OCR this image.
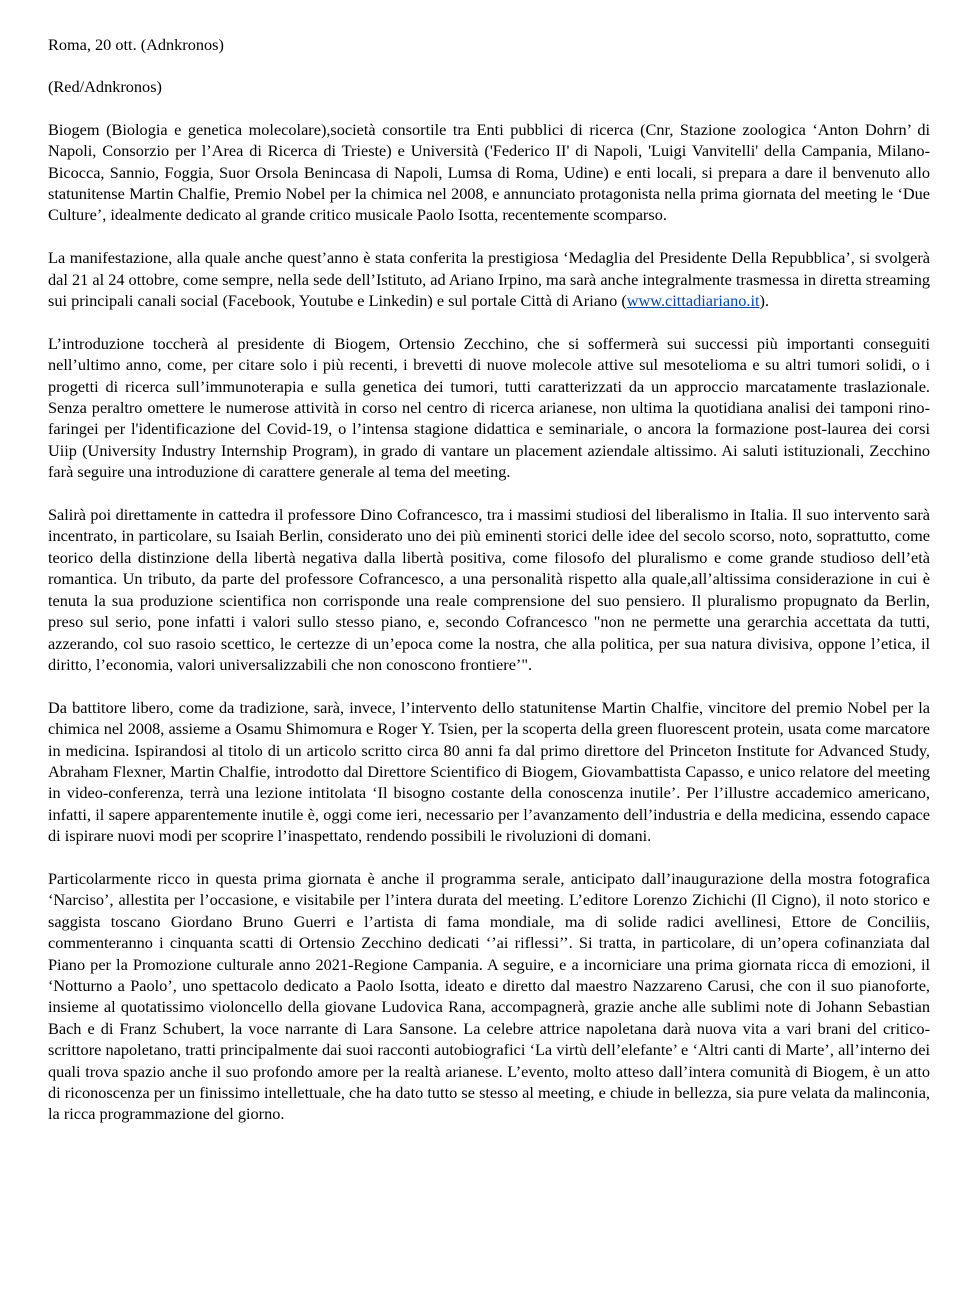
Roma, 20 ott. (Adnkronos)

(Red/Adnkronos)

Biogem (Biologia e genetica molecolare),società consortile tra Enti pubblici di ricerca (Cnr, Stazione zoologica ‘Anton Dohrn’ di Napoli, Consorzio per l’Area di Ricerca di Trieste) e Università ('Federico II' di Napoli, 'Luigi Vanvitelli' della Campania, Milano-Bicocca, Sannio, Foggia, Suor Orsola Benincasa di Napoli, Lumsa di Roma, Udine) e enti locali, si prepara a dare il benvenuto allo statunitense Martin Chalfie, Premio Nobel per la chimica nel 2008, e annunciato protagonista nella prima giornata del meeting le ‘Due Culture’, idealmente dedicato al grande critico musicale Paolo Isotta, recentemente scomparso.

La manifestazione, alla quale anche quest’anno è stata conferita la prestigiosa ‘Medaglia del Presidente Della Repubblica’, si svolgerà dal 21 al 24 ottobre, come sempre, nella sede dell’Istituto, ad Ariano Irpino, ma sarà anche integralmente trasmessa in diretta streaming sui principali canali social (Facebook, Youtube e Linkedin) e sul portale Città di Ariano (www.cittadiariano.it).

L’introduzione toccherà al presidente di Biogem, Ortensio Zecchino, che si soffermerà sui successi più importanti conseguiti nell’ultimo anno, come, per citare solo i più recenti, i brevetti di nuove molecole attive sul mesotelioma e su altri tumori solidi, o i progetti di ricerca sull’immunoterapia e sulla genetica dei tumori, tutti caratterizzati da un approccio marcatamente traslazionale. Senza peraltro omettere le numerose attività in corso nel centro di ricerca arianese, non ultima la quotidiana analisi dei tamponi rino-faringei per l'identificazione del Covid-19, o l’intensa stagione didattica e seminariale, o ancora la formazione post-laurea dei corsi Uiip (University Industry Internship Program), in grado di vantare un placement aziendale altissimo. Ai saluti istituzionali, Zecchino farà seguire una introduzione di carattere generale al tema del meeting.

Salirà poi direttamente in cattedra il professore Dino Cofrancesco, tra i massimi studiosi del liberalismo in Italia. Il suo intervento sarà incentrato, in particolare, su Isaiah Berlin, considerato uno dei più eminenti storici delle idee del secolo scorso, noto, soprattutto, come teorico della distinzione della libertà negativa dalla libertà positiva, come filosofo del pluralismo e come grande studioso dell’età romantica. Un tributo, da parte del professore Cofrancesco, a una personalità rispetto alla quale,all’altissima considerazione in cui è tenuta la sua produzione scientifica non corrisponde una reale comprensione del suo pensiero. Il pluralismo propugnato da Berlin, preso sul serio, pone infatti i valori sullo stesso piano, e, secondo Cofrancesco "non ne permette una gerarchia accettata da tutti, azzerando, col suo rasoio scettico, le certezze di un’epoca come la nostra, che alla politica, per sua natura divisiva, oppone l’etica, il diritto, l’economia, valori universalizzabili che non conoscono frontiere’".

Da battitore libero, come da tradizione, sarà, invece, l’intervento dello statunitense Martin Chalfie, vincitore del premio Nobel per la chimica nel 2008, assieme a Osamu Shimomura e Roger Y. Tsien, per la scoperta della green fluorescent protein, usata come marcatore in medicina. Ispirandosi al titolo di un articolo scritto circa 80 anni fa dal primo direttore del Princeton Institute for Advanced Study, Abraham Flexner, Martin Chalfie, introdotto dal Direttore Scientifico di Biogem, Giovambattista Capasso, e unico relatore del meeting in video-conferenza, terrà una lezione intitolata ‘Il bisogno costante della conoscenza inutile’. Per l’illustre accademico americano, infatti, il sapere apparentemente inutile è, oggi come ieri, necessario per l’avanzamento dell’industria e della medicina, essendo capace di ispirare nuovi modi per scoprire l’inaspettato, rendendo possibili le rivoluzioni di domani.

Particolarmente ricco in questa prima giornata è anche il programma serale, anticipato dall’inaugurazione della mostra fotografica ‘Narciso’, allestita per l’occasione, e visitabile per l’intera durata del meeting. L’editore Lorenzo Zichichi (Il Cigno), il noto storico e saggista toscano Giordano Bruno Guerri e l’artista di fama mondiale, ma di solide radici avellinesi, Ettore de Conciliis, commenteranno i cinquanta scatti di Ortensio Zecchino dedicati ‘’ai riflessi’’. Si tratta, in particolare, di un’opera cofinanziata dal Piano per la Promozione culturale anno 2021-Regione Campania. A seguire, e a incorniciare una prima giornata ricca di emozioni, il ‘Notturno a Paolo’, uno spettacolo dedicato a Paolo Isotta, ideato e diretto dal maestro Nazzareno Carusi, che con il suo pianoforte, insieme al quotatissimo violoncello della giovane Ludovica Rana, accompagnerà, grazie anche alle sublimi note di Johann Sebastian Bach e di Franz Schubert, la voce narrante di Lara Sansone. La celebre attrice napoletana darà nuova vita a vari brani del critico-scrittore napoletano, tratti principalmente dai suoi racconti autobiografici ‘La virtù dell’elefante’ e ‘Altri canti di Marte’, all’interno dei quali trova spazio anche il suo profondo amore per la realtà arianese. L’evento, molto atteso dall’intera comunità di Biogem, è un atto di riconoscenza per un finissimo intellettuale, che ha dato tutto se stesso al meeting, e chiude in bellezza, sia pure velata da malinconia, la ricca programmazione del giorno.
